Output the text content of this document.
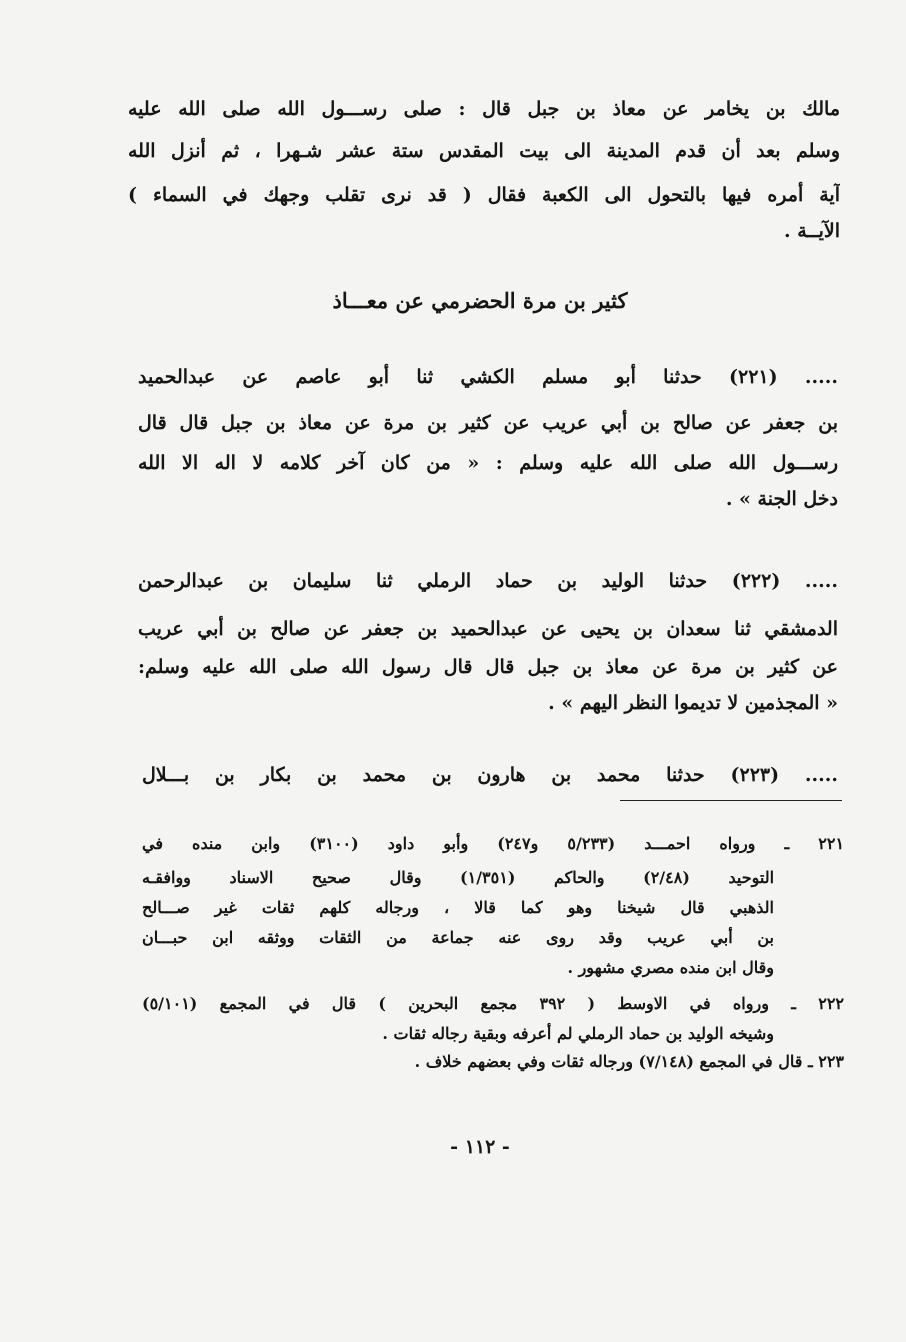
مالك بن يخامر عن معاذ بن جبل قال : صلى رســـول الله صلى الله عليه
وسلم بعد أن قدم المدينة الى بيت المقدس ستة عشر شـهرا ، ثم أنزل الله
آية أمره فيها بالتحول الى الكعبة فقال ( قد نرى تقلب وجهك في السماء )
الآيــة .
كثير بن مرة الحضرمي عن معـــاذ
..... (٢٢١) حدثنا أبو مسلم الكشي ثنا أبو عاصم عن عبدالحميد
بن جعفر عن صالح بن أبي عريب عن كثير بن مرة عن معاذ بن جبل قال قال
رســـول الله صلى الله عليه وسلم : « من كان آخر كلامه لا اله الا الله
دخل الجنة » .
..... (٢٢٢) حدثنا الوليد بن حماد الرملي ثنا سليمان بن عبدالرحمن
الدمشقي ثنا سعدان بن يحيى عن عبدالحميد بن جعفر عن صالح بن أبي عريب
عن كثير بن مرة عن معاذ بن جبل قال قال رسول الله صلى الله عليه وسلم:
« المجذمين لا تديموا النظر اليهم » .
..... (٢٢٣) حدثنا محمد بن هارون بن محمد بن بكار بن بـــلال
٢٢١ ـ ورواه احمـــد (٥/٢٣٣ و٢٤٧) وأبو داود (٣١٠٠) وابن منده في
التوحيد (٢/٤٨) والحاكم (١/٣٥١) وقال صحيح الاسناد ووافقـه
الذهبي قال شيخنا وهو كما قالا ، ورجاله كلهم ثقات غير صـــالح
بن أبي عريب وقد روى عنه جماعة من الثقات ووثقه ابن حبـــان
وقال ابن منده مصري مشهور .
٢٢٢ ـ ورواه في الاوسط ( ٣٩٢ مجمع البحرين ) قال في المجمع (٥/١٠١)
وشيخه الوليد بن حماد الرملي لم أعرفه وبقية رجاله ثقات .
٢٢٣ ـ قال في المجمع (٧/١٤٨) ورجاله ثقات وفي بعضهم خلاف .
- ١١٢ -
